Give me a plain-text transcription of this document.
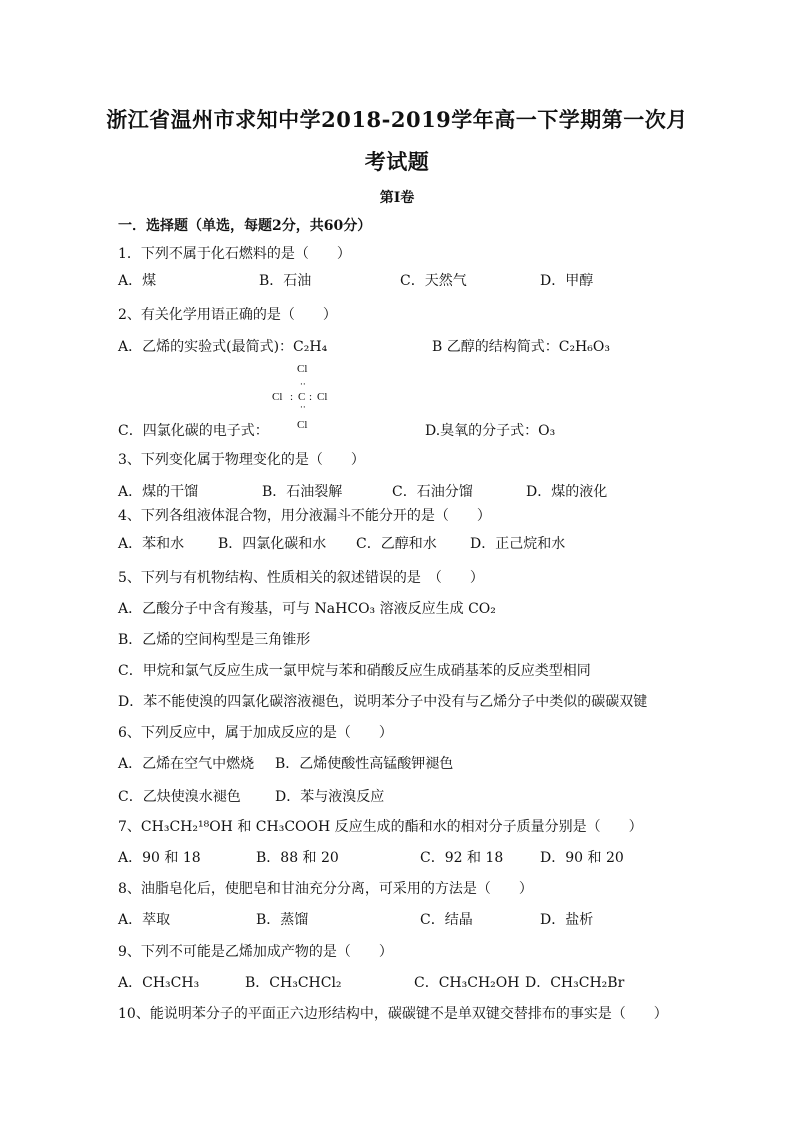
浙江省温州市求知中学2018-2019学年高一下学期第一次月
考试题
第I卷
一．选择题（单选，每题2分，共60分）
1．下列不属于化石燃料的是（　　）
A．煤	B．石油	C．天然气	D．甲醇
2、有关化学用语正确的是（　　）
A．乙烯的实验式(最简式)：C₂H₄	B 乙醇的结构简式：C₂H₆O₃
Cl
··
Cl : C : Cl
··
Cl
C．四氯化碳的电子式：	D.臭氧的分子式：O₃
3、下列变化属于物理变化的是（　　）
A．煤的干馏	B．石油裂解	C．石油分馏	D．煤的液化
4、下列各组液体混合物，用分液漏斗不能分开的是（　　）
A．苯和水 B．四氯化碳和水 C．乙醇和水 D．正己烷和水
5、下列与有机物结构、性质相关的叙述错误的是　（　　）
A．乙酸分子中含有羧基，可与 NaHCO₃ 溶液反应生成 CO₂
B．乙烯的空间构型是三角锥形
C．甲烷和氯气反应生成一氯甲烷与苯和硝酸反应生成硝基苯的反应类型相同
D．苯不能使溴的四氯化碳溶液褪色，说明苯分子中没有与乙烯分子中类似的碳碳双键
6、下列反应中，属于加成反应的是（　　）
A．乙烯在空气中燃烧 B．乙烯使酸性高锰酸钾褪色
C．乙炔使溴水褪色 D．苯与液溴反应
7、CH₃CH₂¹⁸OH 和 CH₃COOH 反应生成的酯和水的相对分子质量分别是（　　）
A．90 和 18	B．88 和 20	C．92 和 18	D．90 和 20
8、油脂皂化后，使肥皂和甘油充分分离，可采用的方法是（　　）
A．萃取	B．蒸馏	C．结晶	D．盐析
9、下列不可能是乙烯加成产物的是（　　）
A．CH₃CH₃	B．CH₃CHCl₂	C．CH₃CH₂OH D．CH₃CH₂Br
10、能说明苯分子的平面正六边形结构中，碳碳键不是单双键交替排布的事实是（　　）
